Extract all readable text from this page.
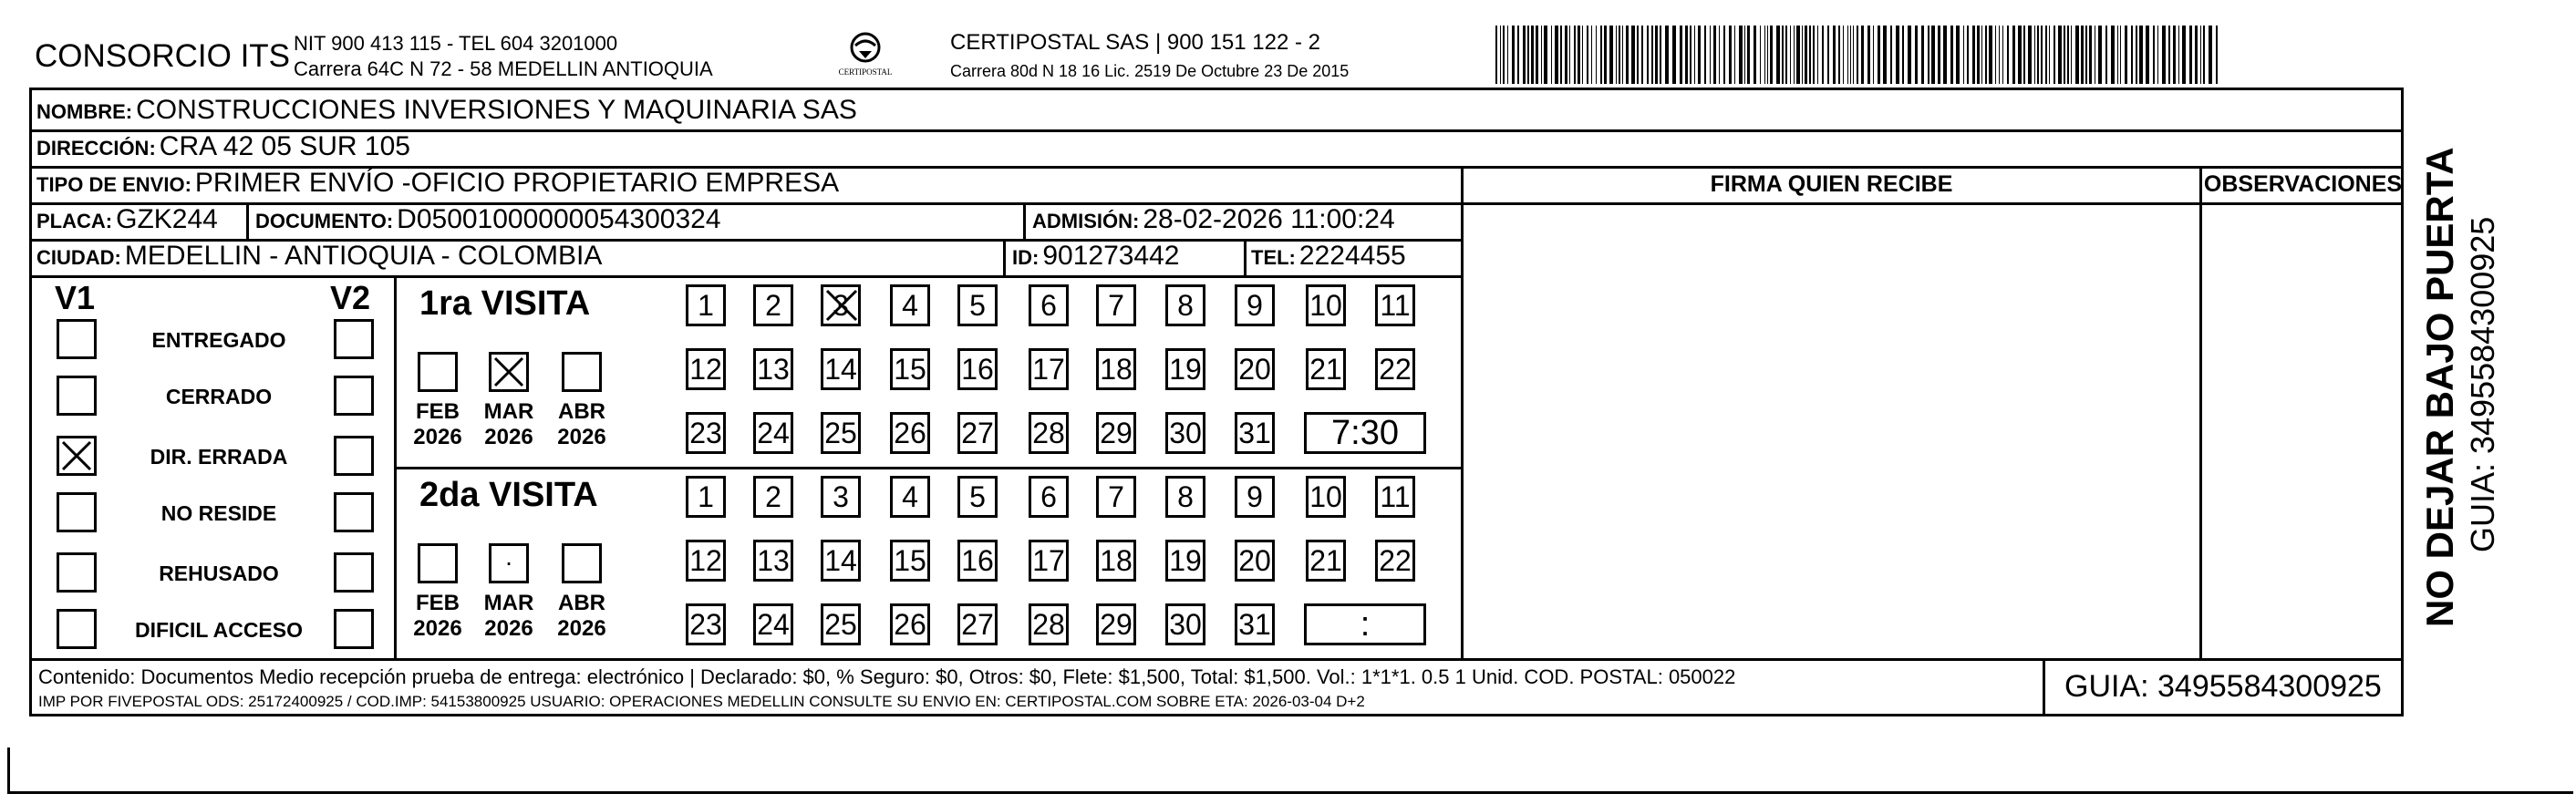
CONSORCIO ITS NIT 900 413 115 - TEL 604 3201000
Carrera 64C N 72 - 58 MEDELLIN ANTIOQUIA	CERTIPOSTAL
CERTIPOSTAL SAS | 900 151 122 - 2
Carrera 80d N 18 16 Lic. 2519 De Octubre 23 De 2015
NOMBRE: CONSTRUCCIONES INVERSIONES Y MAQUINARIA SAS
DIRECCIÓN: CRA 42 05 SUR 105
TIPO DE ENVIO: PRIMER ENVÍO -OFICIO PROPIETARIO EMPRESA
PLACA: GZK244 DOCUMENTO: D05001000000054300324	ADMISIÓN: 28-02-2026 11:00:24
CIUDAD: MEDELLIN - ANTIOQUIA - COLOMBIA	ID: 901273442	TEL: 2224455
FIRMA QUIEN RECIBE	OBSERVACIONES
V1	V2
ENTREGADO
CERRADO
DIR. ERRADA
NO RESIDE
REHUSADO
DIFICIL ACCESO
1ra VISITA
2da VISITA
FEB
2026
MAR
2026
ABR
2026
1	2	3	4	5	6	7	8	9	10 11
12 13 14 15 16 17 18 19 20 21 22
23 24 25 26 27 28 29 30 31	7:30
FEB
2026
·
MAR
2026
ABR
2026
1	2	3	4	5	6	7	8	9	10 11
12 13 14 15 16 17 18 19 20 21 22
23 24 25 26 27 28 29 30 31	:
Contenido: Documentos Medio recepción prueba de entrega: electrónico | Declarado: $0, % Seguro: $0, Otros: $0, Flete: $1,500, Total: $1,500. Vol.: 1*1*1. 0.5 1 Unid. COD. POSTAL: 050022
IMP POR FIVEPOSTAL ODS: 25172400925 / COD.IMP: 54153800925 USUARIO: OPERACIONES MEDELLIN CONSULTE SU ENVIO EN: CERTIPOSTAL.COM SOBRE ETA: 2026-03-04 D+2	GUIA: 3495584300925
NO DEJAR BAJO PUERTA GUIA: 3495584300925
